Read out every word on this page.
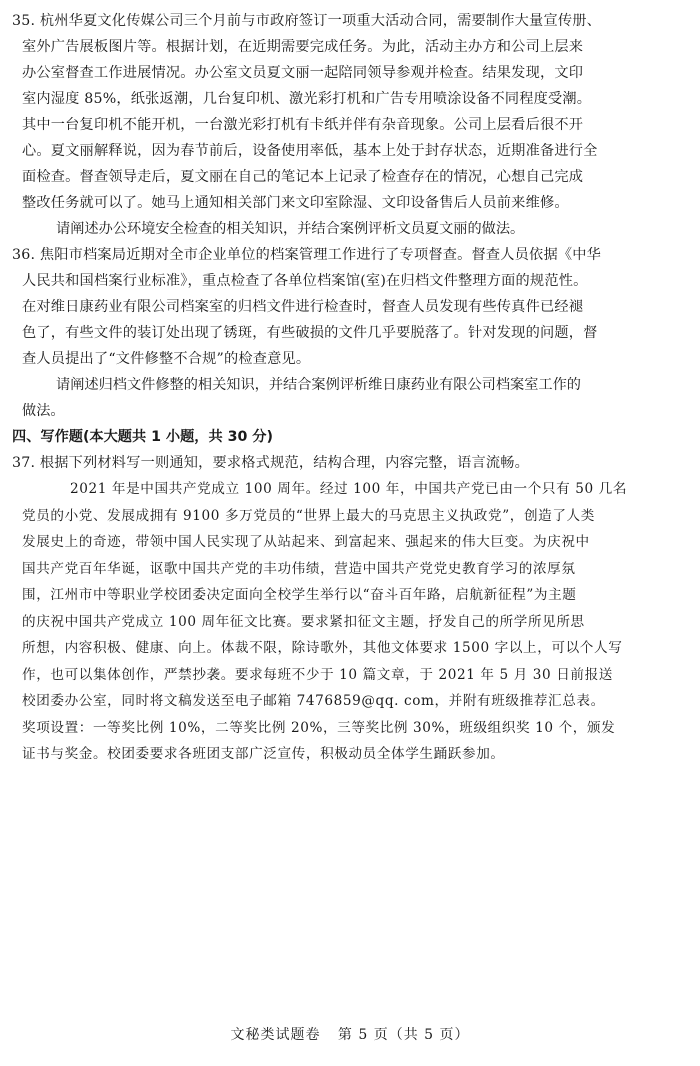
35. 杭州华夏文化传媒公司三个月前与市政府签订一项重大活动合同，需要制作大量宣传册、
室外广告展板图片等。根据计划，在近期需要完成任务。为此，活动主办方和公司上层来
办公室督查工作进展情况。办公室文员夏文丽一起陪同领导参观并检查。结果发现，文印
室内湿度 85%，纸张返潮，几台复印机、激光彩打机和广告专用喷涂设备不同程度受潮。
其中一台复印机不能开机，一台激光彩打机有卡纸并伴有杂音现象。公司上层看后很不开
心。夏文丽解释说，因为春节前后，设备使用率低，基本上处于封存状态，近期准备进行全
面检查。督查领导走后，夏文丽在自己的笔记本上记录了检查存在的情况，心想自己完成
整改任务就可以了。她马上通知相关部门来文印室除湿、文印设备售后人员前来维修。

请阐述办公环境安全检查的相关知识，并结合案例评析文员夏文丽的做法。

36. 焦阳市档案局近期对全市企业单位的档案管理工作进行了专项督查。督查人员依据《中华
人民共和国档案行业标准》，重点检查了各单位档案馆(室)在归档文件整理方面的规范性。
在对维日康药业有限公司档案室的归档文件进行检查时，督查人员发现有些传真件已经褪
色了，有些文件的装订处出现了锈斑，有些破损的文件几乎要脱落了。针对发现的问题，督
查人员提出了“文件修整不合规”的检查意见。

请阐述归档文件修整的相关知识，并结合案例评析维日康药业有限公司档案室工作的

做法。

四、写作题(本大题共 1 小题，共 30 分)

37. 根据下列材料写一则通知，要求格式规范，结构合理，内容完整，语言流畅。

2021 年是中国共产党成立 100 周年。经过 100 年，中国共产党已由一个只有 50 几名
党员的小党、发展成拥有 9100 多万党员的“世界上最大的马克思主义执政党”，创造了人类
发展史上的奇迹，带领中国人民实现了从站起来、到富起来、强起来的伟大巨变。为庆祝中
国共产党百年华诞，讴歌中国共产党的丰功伟绩，营造中国共产党党史教育学习的浓厚氛
围，江州市中等职业学校团委决定面向全校学生举行以“奋斗百年路，启航新征程”为主题
的庆祝中国共产党成立 100 周年征文比赛。要求紧扣征文主题，抒发自己的所学所见所思
所想，内容积极、健康、向上。体裁不限，除诗歌外，其他文体要求 1500 字以上，可以个人写
作，也可以集体创作，严禁抄袭。要求每班不少于 10 篇文章，于 2021 年 5 月 30 日前报送
校团委办公室，同时将文稿发送至电子邮箱 7476859@qq. com，并附有班级推荐汇总表。
奖项设置：一等奖比例 10%，二等奖比例 20%，三等奖比例 30%，班级组织奖 10 个，颁发
证书与奖金。校团委要求各班团支部广泛宣传，积极动员全体学生踊跃参加。

文秘类试题卷 第 5 页（共 5 页）
